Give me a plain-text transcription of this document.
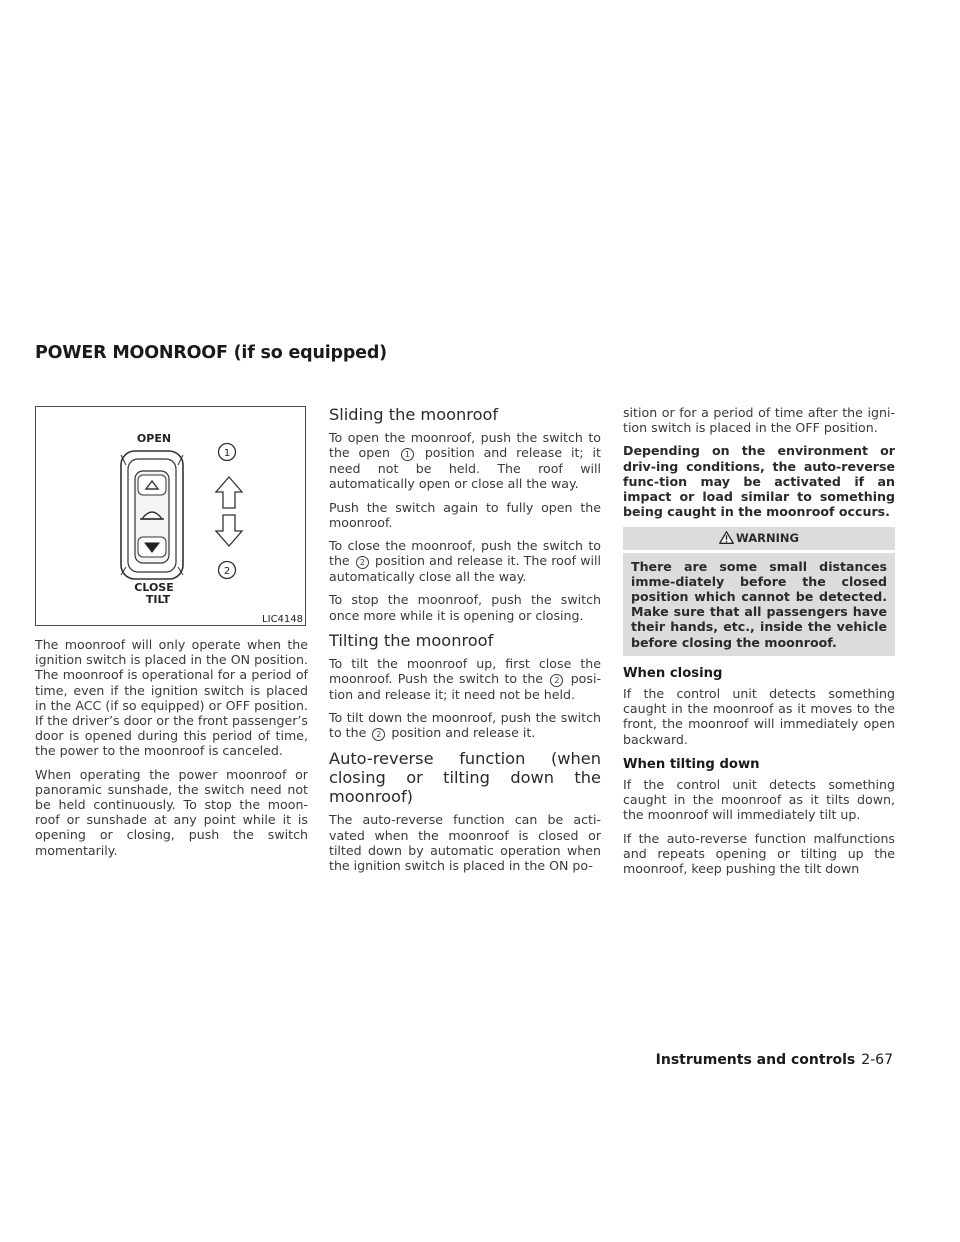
POWER MOONROOF (if so equipped)
OPEN
CLOSE
TILT
1
2
LIC4148

The moonroof will only operate when the ignition switch is placed in the ON position. The moonroof is operational for a period of time, even if the ignition switch is placed in the ACC (if so equipped) or OFF position. If the driver’s door or the front passenger’s door is opened during this period of time, the power to the moonroof is canceled.

When operating the power moonroof or panoramic sunshade, the switch need not be held continuously. To stop the moon-roof or sunshade at any point while it is opening or closing, push the switch momentarily.

Sliding the moonroof

To open the moonroof, push the switch to the open 1 position and release it; it need not be held. The roof will automatically open or close all the way.

Push the switch again to fully open the moonroof.

To close the moonroof, push the switch to the 2 position and release it. The roof will automatically close all the way.

To stop the moonroof, push the switch once more while it is opening or closing.

Tilting the moonroof

To tilt the moonroof up, first close the moonroof. Push the switch to the 2 posi-tion and release it; it need not be held.

To tilt down the moonroof, push the switch to the 2 position and release it.

Auto-reverse function (when closing or tilting down the moonroof)

The auto-reverse function can be acti-vated when the moonroof is closed or tilted down by automatic operation when the ignition switch is placed in the ON po-

sition or for a period of time after the igni-tion switch is placed in the OFF position.

Depending on the environment or driv-ing conditions, the auto-reverse func-tion may be activated if an impact or load similar to something being caught in the moonroof occurs.

WARNING
There are some small distances imme-diately before the closed position which cannot be detected. Make sure that all passengers have their hands, etc., inside the vehicle before closing the moonroof.
When closing

If the control unit detects something caught in the moonroof as it moves to the front, the moonroof will immediately open backward.

When tilting down

If the control unit detects something caught in the moonroof as it tilts down, the moonroof will immediately tilt up.

If the auto-reverse function malfunctions and repeats opening or tilting up the moonroof, keep pushing the tilt down

Instruments and controls 2-67
